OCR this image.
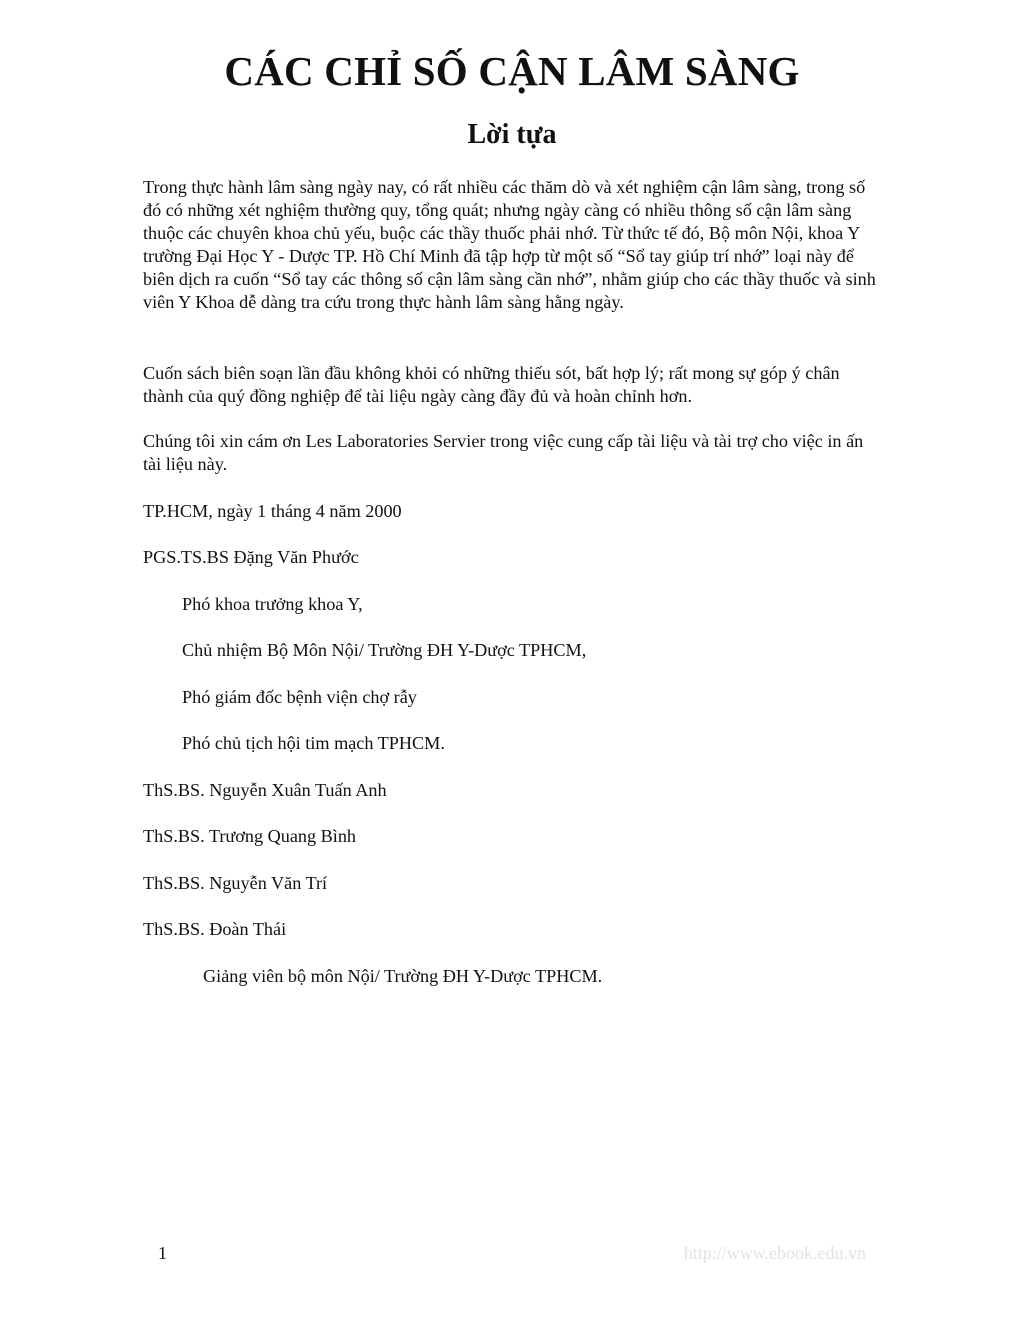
CÁC CHỈ SỐ CẬN LÂM SÀNG
Lời tựa

Trong thực hành lâm sàng ngày nay, có rất nhiều các thăm dò và xét nghiệm cận lâm sàng, trong số đó có những xét nghiệm thường quy, tổng quát; nhưng ngày càng có nhiều thông số cận lâm sàng thuộc các chuyên khoa chủ yếu, buộc các thầy thuốc phải nhớ. Từ thức tế đó, Bộ môn Nội, khoa Y trường Đại Học Y - Dược TP. Hồ Chí Minh đã tập hợp từ một số “Sổ tay giúp trí nhớ” loại này để biên dịch ra cuốn “Sổ tay các thông số cận lâm sàng cần nhớ”, nhằm giúp cho các thầy thuốc và sinh viên Y Khoa dễ dàng tra cứu trong thực hành lâm sàng hằng ngày.

Cuốn sách biên soạn lần đầu không khỏi có những thiếu sót, bất hợp lý; rất mong sự góp ý chân thành của quý đồng nghiệp để tài liệu ngày càng đầy đủ và hoàn chỉnh hơn.

Chúng tôi xin cám ơn Les Laboratories Servier trong việc cung cấp tài liệu và tài trợ cho việc in ấn tài liệu này.

TP.HCM, ngày 1 tháng 4 năm 2000
PGS.TS.BS Đặng Văn Phước
Phó khoa trưởng khoa Y,
Chủ nhiệm Bộ Môn Nội/ Trường ĐH Y-Dược TPHCM,
Phó giám đốc bệnh viện chợ rẫy
Phó chủ tịch hội tim mạch TPHCM.
ThS.BS. Nguyễn Xuân Tuấn Anh
ThS.BS. Trương Quang Bình
ThS.BS. Nguyễn Văn Trí
ThS.BS. Đoàn Thái
Giảng viên bộ môn Nội/ Trường ĐH Y-Dược TPHCM.
1	http://www.ebook.edu.vn
